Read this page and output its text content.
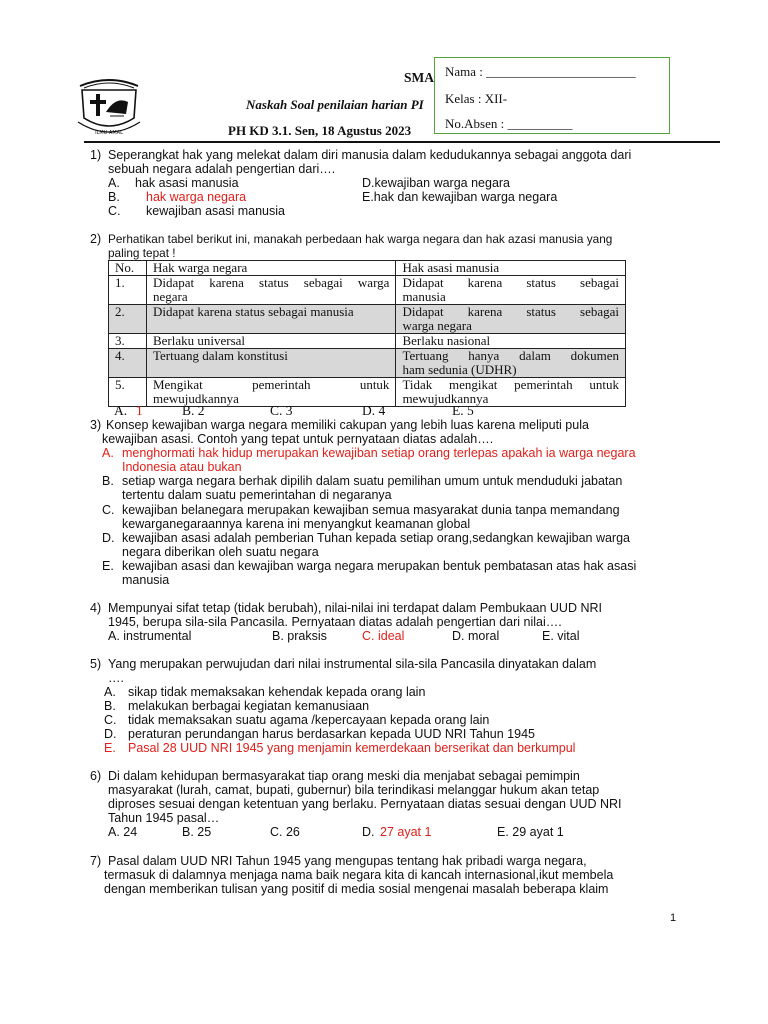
ILMU AMAL
SMA
Naskah Soal penilaian harian PI
PH KD 3.1. Sen, 18 Agustus 2023
Nama : _______________________
Kelas : XII-
No.Absen : __________
1) Seperangkat hak yang melekat dalam diri manusia dalam kedudukannya sebagai anggota dari
sebuah negara adalah pengertian dari….
A. hak asasi manusia
B. hak warga negara
C. kewajiban asasi manusia
D.kewajiban warga negara
E.hak dan kewajiban warga negara
2) Perhatikan tabel berikut ini, manakah perbedaan hak warga negara dan hak azasi manusia yang
paling tepat !
No.	Hak warga negara	Hak asasi manusia
1.	Didapat karena status sebagai warga
negara	Didapat karena status sebagai
manusia
2.	Didapat karena status sebagai manusia	Didapat karena status sebagai
warga negara
3.	Berlaku universal	Berlaku nasional
4.	Tertuang dalam konstitusi	Tertuang hanya dalam dokumen
ham sedunia (UDHR)
5.	Mengikat pemerintah untuk
mewujudkannya	Tidak mengikat pemerintah untuk
mewujudkannya
A. 1	B. 2	C. 3	D. 4	E. 5
3) Konsep kewajiban warga negara memiliki cakupan yang lebih luas karena meliputi pula
kewajiban asasi. Contoh yang tepat untuk pernyataan diatas adalah….
A. menghormati hak hidup merupakan kewajiban setiap orang terlepas apakah ia warga negara
Indonesia atau bukan
B. setiap warga negara berhak dipilih dalam suatu pemilihan umum untuk menduduki jabatan
tertentu dalam suatu pemerintahan di negaranya
C. kewajiban belanegara merupakan kewajiban semua masyarakat dunia tanpa memandang
kewarganegaraannya karena ini menyangkut keamanan global
D. kewajiban asasi adalah pemberian Tuhan kepada setiap orang,sedangkan kewajiban warga
negara diberikan oleh suatu negara
E. kewajiban asasi dan kewajiban warga negara merupakan bentuk pembatasan atas hak asasi
manusia
4) Mempunyai sifat tetap (tidak berubah), nilai-nilai ini terdapat dalam Pembukaan UUD NRI
1945, berupa sila-sila Pancasila. Pernyataan diatas adalah pengertian dari nilai….
A. instrumental	B. praksis	C. ideal	D. moral	E. vital
5) Yang merupakan perwujudan dari nilai instrumental sila-sila Pancasila dinyatakan dalam
….
A. sikap tidak memaksakan kehendak kepada orang lain
B. melakukan berbagai kegiatan kemanusiaan
C. tidak memaksakan suatu agama /kepercayaan kepada orang lain
D. peraturan perundangan harus berdasarkan kepada UUD NRI Tahun 1945
E. Pasal 28 UUD NRI 1945 yang menjamin kemerdekaan berserikat dan berkumpul
6) Di dalam kehidupan bermasyarakat tiap orang meski dia menjabat sebagai pemimpin
masyarakat (lurah, camat, bupati, gubernur) bila terindikasi melanggar hukum akan tetap
diproses sesuai dengan ketentuan yang berlaku. Pernyataan diatas sesuai dengan UUD NRI
Tahun 1945 pasal…
A. 24	B. 25	C. 26	D. 27 ayat 1	E. 29 ayat 1
7) Pasal dalam UUD NRI Tahun 1945 yang mengupas tentang hak pribadi warga negara,
termasuk di dalamnya menjaga nama baik negara kita di kancah internasional,ikut membela
dengan memberikan tulisan yang positif di media sosial mengenai masalah beberapa klaim
1
